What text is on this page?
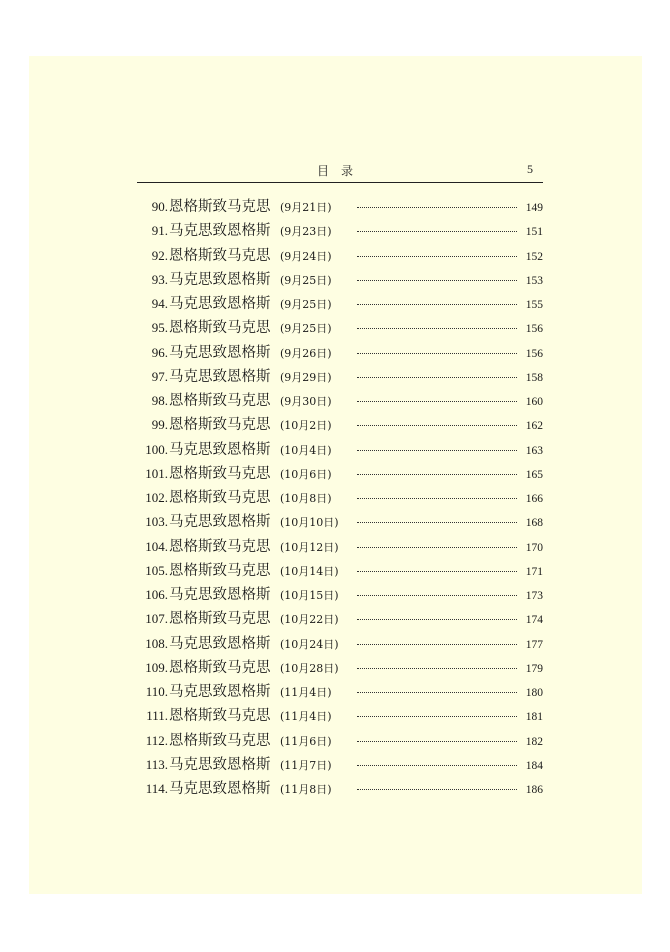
目　录	5
90. 恩格斯致马克思 (9月21日)	149
91. 马克思致恩格斯 (9月23日)	151
92. 恩格斯致马克思 (9月24日)	152
93. 马克思致恩格斯 (9月25日)	153
94. 马克思致恩格斯 (9月25日)	155
95. 恩格斯致马克思 (9月25日)	156
96. 马克思致恩格斯 (9月26日)	156
97. 马克思致恩格斯 (9月29日)	158
98. 恩格斯致马克思 (9月30日)	160
99. 恩格斯致马克思 (10月2日)	162
100. 马克思致恩格斯 (10月4日)	163
101. 恩格斯致马克思 (10月6日)	165
102. 恩格斯致马克思 (10月8日)	166
103. 马克思致恩格斯 (10月10日)	168
104. 恩格斯致马克思 (10月12日)	170
105. 恩格斯致马克思 (10月14日)	171
106. 马克思致恩格斯 (10月15日)	173
107. 恩格斯致马克思 (10月22日)	174
108. 马克思致恩格斯 (10月24日)	177
109. 恩格斯致马克思 (10月28日)	179
110. 马克思致恩格斯 (11月4日)	180
111. 恩格斯致马克思 (11月4日)	181
112. 恩格斯致马克思 (11月6日)	182
113. 马克思致恩格斯 (11月7日)	184
114. 马克思致恩格斯 (11月8日)	186
